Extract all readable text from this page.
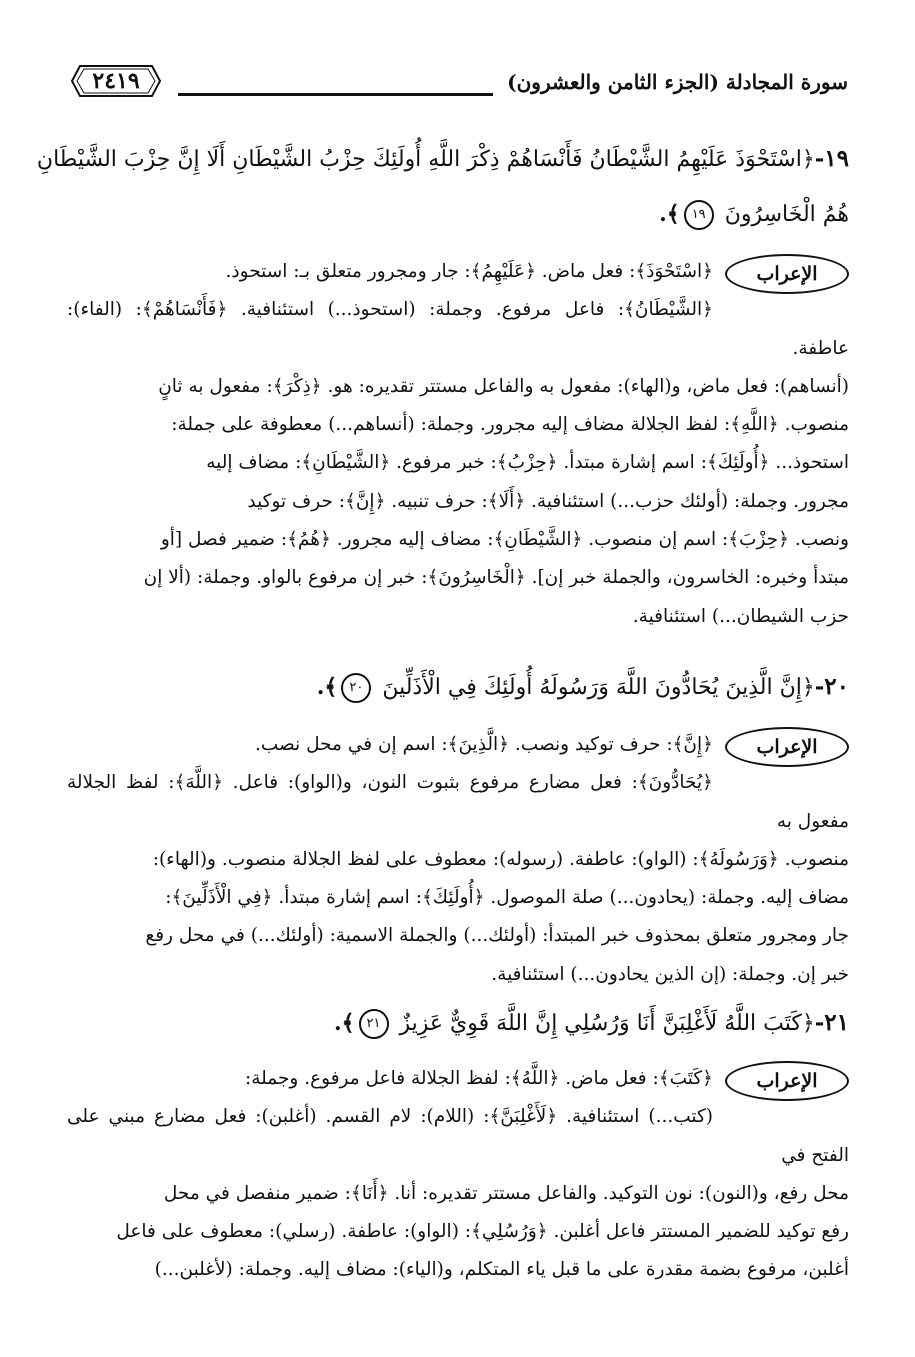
سورة المجادلة (الجزء الثامن والعشرون)
٢٤١٩
١٩-﴿اسْتَحْوَذَ عَلَيْهِمُ الشَّيْطَانُ فَأَنْسَاهُمْ ذِكْرَ اللَّهِ أُولَئِكَ حِزْبُ الشَّيْطَانِ أَلَا إِنَّ حِزْبَ الشَّيْطَانِ
هُمُ الْخَاسِرُونَ ١٩﴾.
الإعراب

﴿اسْتَحْوَذَ﴾: فعل ماض. ﴿عَلَيْهِمُ﴾: جار ومجرور متعلق بـ: استحوذ.

﴿الشَّيْطَانُ﴾: فاعل مرفوع. وجملة: (استحوذ...) استئنافية. ﴿فَأَنْسَاهُمْ﴾: (الفاء): عاطفة.

(أنساهم): فعل ماض، و(الهاء): مفعول به والفاعل مستتر تقديره: هو. ﴿ذِكْرَ﴾: مفعول به ثانٍ

منصوب. ﴿اللَّهِ﴾: لفظ الجلالة مضاف إليه مجرور. وجملة: (أنساهم...) معطوفة على جملة:

استحوذ... ﴿أُولَئِكَ﴾: اسم إشارة مبتدأ. ﴿حِزْبُ﴾: خبر مرفوع. ﴿الشَّيْطَانِ﴾: مضاف إليه

مجرور. وجملة: (أولئك حزب...) استئنافية. ﴿أَلَا﴾: حرف تنبيه. ﴿إِنَّ﴾: حرف توكيد

ونصب. ﴿حِزْبَ﴾: اسم إن منصوب. ﴿الشَّيْطَانِ﴾: مضاف إليه مجرور. ﴿هُمُ﴾: ضمير فصل [أو

مبتدأ وخبره: الخاسرون، والجملة خبر إن]. ﴿الْخَاسِرُونَ﴾: خبر إن مرفوع بالواو. وجملة: (ألا إن

حزب الشيطان...) استئنافية.

٢٠-﴿إِنَّ الَّذِينَ يُحَادُّونَ اللَّهَ وَرَسُولَهُ أُولَئِكَ فِي الْأَذَلِّينَ ٢٠﴾.
الإعراب

﴿إِنَّ﴾: حرف توكيد ونصب. ﴿الَّذِينَ﴾: اسم إن في محل نصب.

﴿يُحَادُّونَ﴾: فعل مضارع مرفوع بثبوت النون، و(الواو): فاعل. ﴿اللَّهَ﴾: لفظ الجلالة مفعول به

منصوب. ﴿وَرَسُولَهُ﴾: (الواو): عاطفة. (رسوله): معطوف على لفظ الجلالة منصوب. و(الهاء):

مضاف إليه. وجملة: (يحادون...) صلة الموصول. ﴿أُولَئِكَ﴾: اسم إشارة مبتدأ. ﴿فِي الْأَذَلِّينَ﴾:

جار ومجرور متعلق بمحذوف خبر المبتدأ: (أولئك...) والجملة الاسمية: (أولئك...) في محل رفع

خبر إن. وجملة: (إن الذين يحادون...) استئنافية.

٢١-﴿كَتَبَ اللَّهُ لَأَغْلِبَنَّ أَنَا وَرُسُلِي إِنَّ اللَّهَ قَوِيٌّ عَزِيزٌ ٢١﴾.
الإعراب

﴿كَتَبَ﴾: فعل ماض. ﴿اللَّهُ﴾: لفظ الجلالة فاعل مرفوع. وجملة:

(كتب...) استئنافية. ﴿لَأَغْلِبَنَّ﴾: (اللام): لام القسم. (أغلبن): فعل مضارع مبني على الفتح في

محل رفع، و(النون): نون التوكيد. والفاعل مستتر تقديره: أنا. ﴿أَنَا﴾: ضمير منفصل في محل

رفع توكيد للضمير المستتر فاعل أغلبن. ﴿وَرُسُلِي﴾: (الواو): عاطفة. (رسلي): معطوف على فاعل

أغلبن، مرفوع بضمة مقدرة على ما قبل ياء المتكلم، و(الياء): مضاف إليه. وجملة: (لأغلبن...)
